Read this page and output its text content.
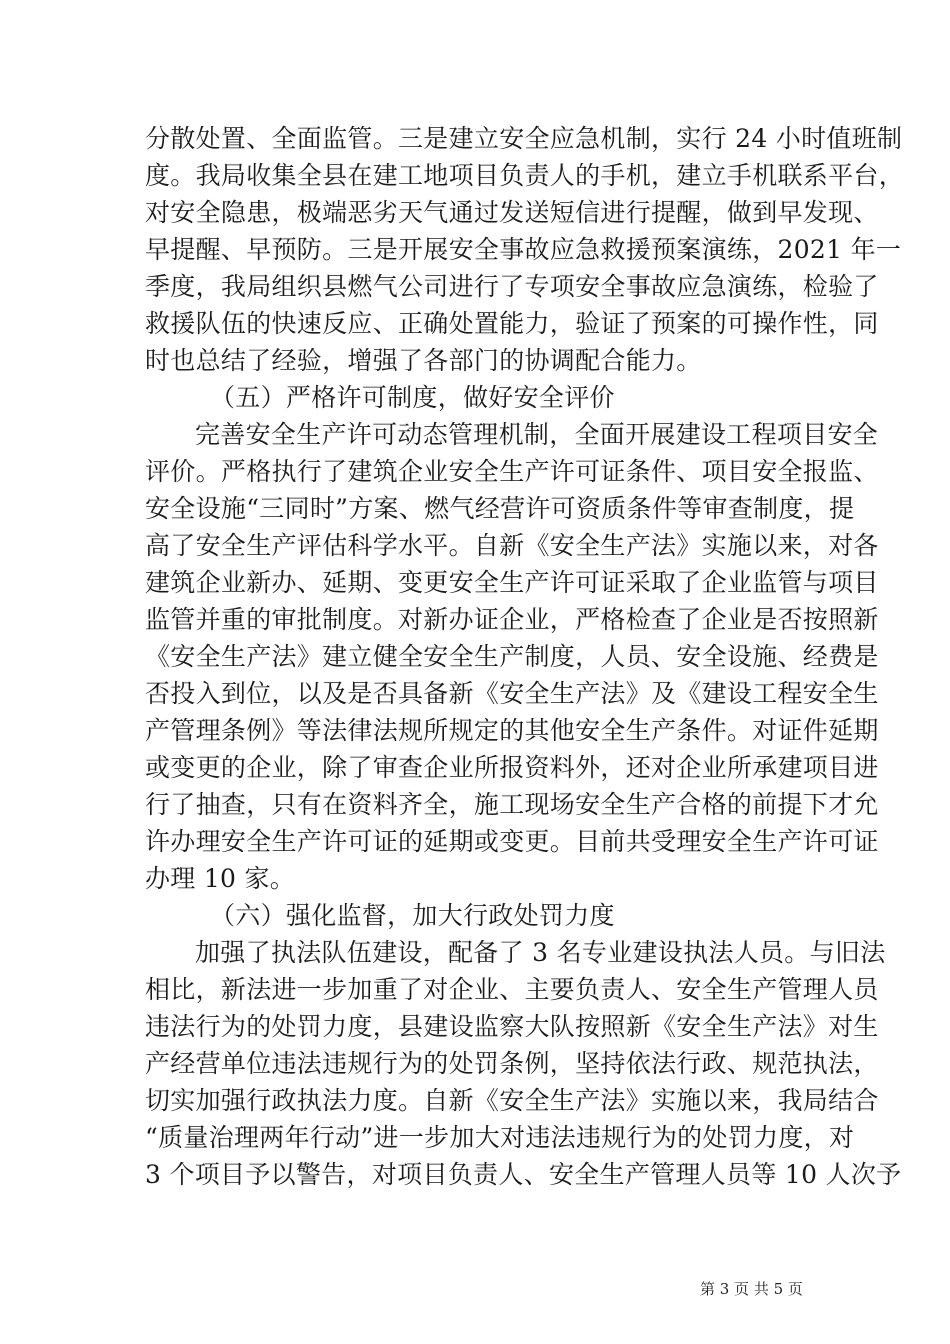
分散处置、全面监管。三是建立安全应急机制，实行 24 小时值班制
度。我局收集全县在建工地项目负责人的手机，建立手机联系平台，
对安全隐患，极端恶劣天气通过发送短信进行提醒，做到早发现、
早提醒、早预防。三是开展安全事故应急救援预案演练，2021 年一
季度，我局组织县燃气公司进行了专项安全事故应急演练，检验了
救援队伍的快速反应、正确处置能力，验证了预案的可操作性，同
时也总结了经验，增强了各部门的协调配合能力。
（五）严格许可制度，做好安全评价
完善安全生产许可动态管理机制，全面开展建设工程项目安全
评价。严格执行了建筑企业安全生产许可证条件、项目安全报监、
安全设施“三同时”方案、燃气经营许可资质条件等审查制度，提
高了安全生产评估科学水平。自新《安全生产法》实施以来，对各
建筑企业新办、延期、变更安全生产许可证采取了企业监管与项目
监管并重的审批制度。对新办证企业，严格检查了企业是否按照新
《安全生产法》建立健全安全生产制度，人员、安全设施、经费是
否投入到位，以及是否具备新《安全生产法》及《建设工程安全生
产管理条例》等法律法规所规定的其他安全生产条件。对证件延期
或变更的企业，除了审查企业所报资料外，还对企业所承建项目进
行了抽查，只有在资料齐全，施工现场安全生产合格的前提下才允
许办理安全生产许可证的延期或变更。目前共受理安全生产许可证
办理 10 家。
（六）强化监督，加大行政处罚力度
加强了执法队伍建设，配备了 3 名专业建设执法人员。与旧法
相比，新法进一步加重了对企业、主要负责人、安全生产管理人员
违法行为的处罚力度，县建设监察大队按照新《安全生产法》对生
产经营单位违法违规行为的处罚条例，坚持依法行政、规范执法，
切实加强行政执法力度。自新《安全生产法》实施以来，我局结合
“质量治理两年行动”进一步加大对违法违规行为的处罚力度，对
3 个项目予以警告，对项目负责人、安全生产管理人员等 10 人次予
第 3 页 共 5 页
